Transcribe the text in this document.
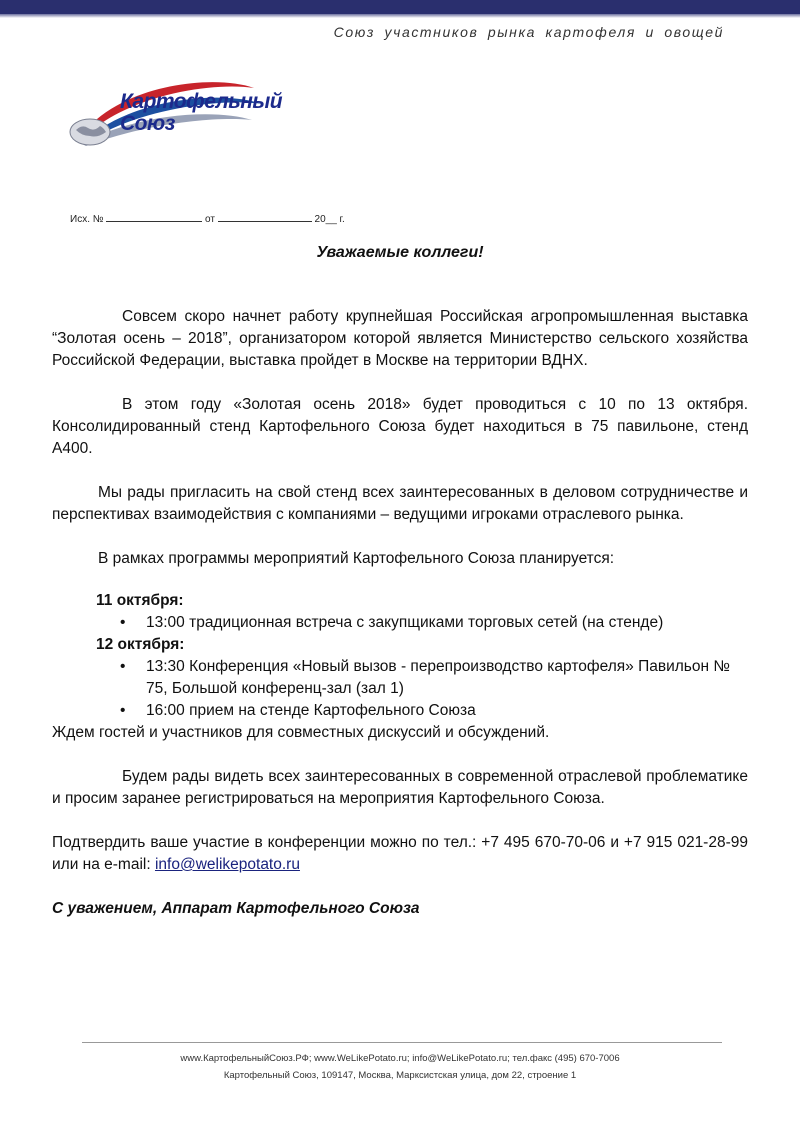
Союз участников рынка картофеля и овощей
Картофельный
Союз
Исх. №	от	20__ г.
Уважаемые коллеги!

Совсем скоро начнет работу крупнейшая Российская агропромышленная выставка “Золотая осень – 2018”, организатором которой является Министерство сельского хозяйства Российской Федерации, выставка пройдет в Москве на территории ВДНХ.

В этом году «Золотая осень 2018» будет проводиться с 10 по 13 октября. Консолидированный стенд Картофельного Союза будет находиться в 75 павильоне, стенд А400.

Мы рады пригласить на свой стенд всех заинтересованных в деловом сотрудничестве и перспективах взаимодействия с компаниями – ведущими игроками отраслевого рынка.

В рамках программы мероприятий Картофельного Союза планируется:

11 октября:

• 13:00 традиционная встреча с закупщиками торговых сетей (на стенде)

12 октября:

• 13:30 Конференция «Новый вызов - перепроизводство картофеля» Павильон № 75, Большой конференц-зал (зал 1)
• 16:00 прием на стенде Картофельного Союза

Ждем гостей и участников для совместных дискуссий и обсуждений.

Будем рады видеть всех заинтересованных в современной отраслевой проблематике и просим заранее регистрироваться на мероприятия Картофельного Союза.

Подтвердить ваше участие в конференции можно по тел.: +7 495 670-70-06 и +7 915 021-28-99 или на e-mail: info@welikepotato.ru

С уважением, Аппарат Картофельного Союза

www.КартофельныйСоюз.РФ; www.WeLikePotato.ru; info@WeLikePotato.ru; тел.факс (495) 670-7006
Картофельный Союз, 109147, Москва, Марксистская улица, дом 22, строение 1
